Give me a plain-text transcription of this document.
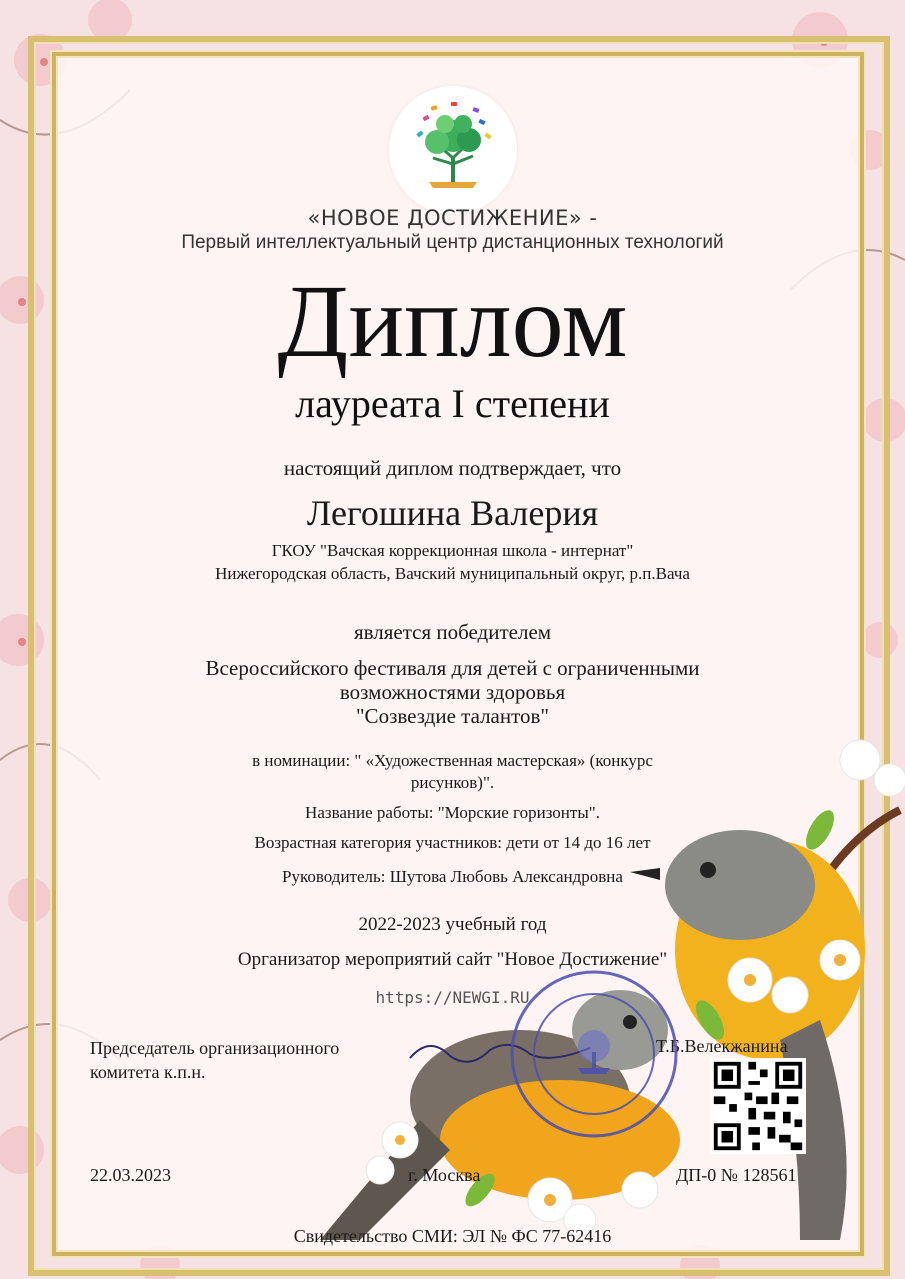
«НОВОЕ ДОСТИЖЕНИЕ» -
Первый интеллектуальный центр дистанционных технологий
Диплом
лауреата I степени
настоящий диплом подтверждает, что
Легошина Валерия
ГКОУ "Вачская коррекционная школа - интернат"
Нижегородская область, Вачский муниципальный округ, р.п.Вача
является победителем
Всероссийского фестиваля для детей с ограниченными
возможностями здоровья
"Созвездие талантов"
в номинации: " «Художественная мастерская» (конкурс
рисунков)".
Название работы: "Морские горизонты".
Возрастная категория участников: дети от 14 до 16 лет
Руководитель: Шутова Любовь Александровна
2022-2023 учебный год
Организатор мероприятий сайт "Новое Достижение"
https://NEWGI.RU
Председатель организационного
комитета к.п.н.
Т.Б.Велекжанина
22.03.2023	г. Москва	ДП-0 № 128561
Свидетельство СМИ: ЭЛ № ФС 77-62416
